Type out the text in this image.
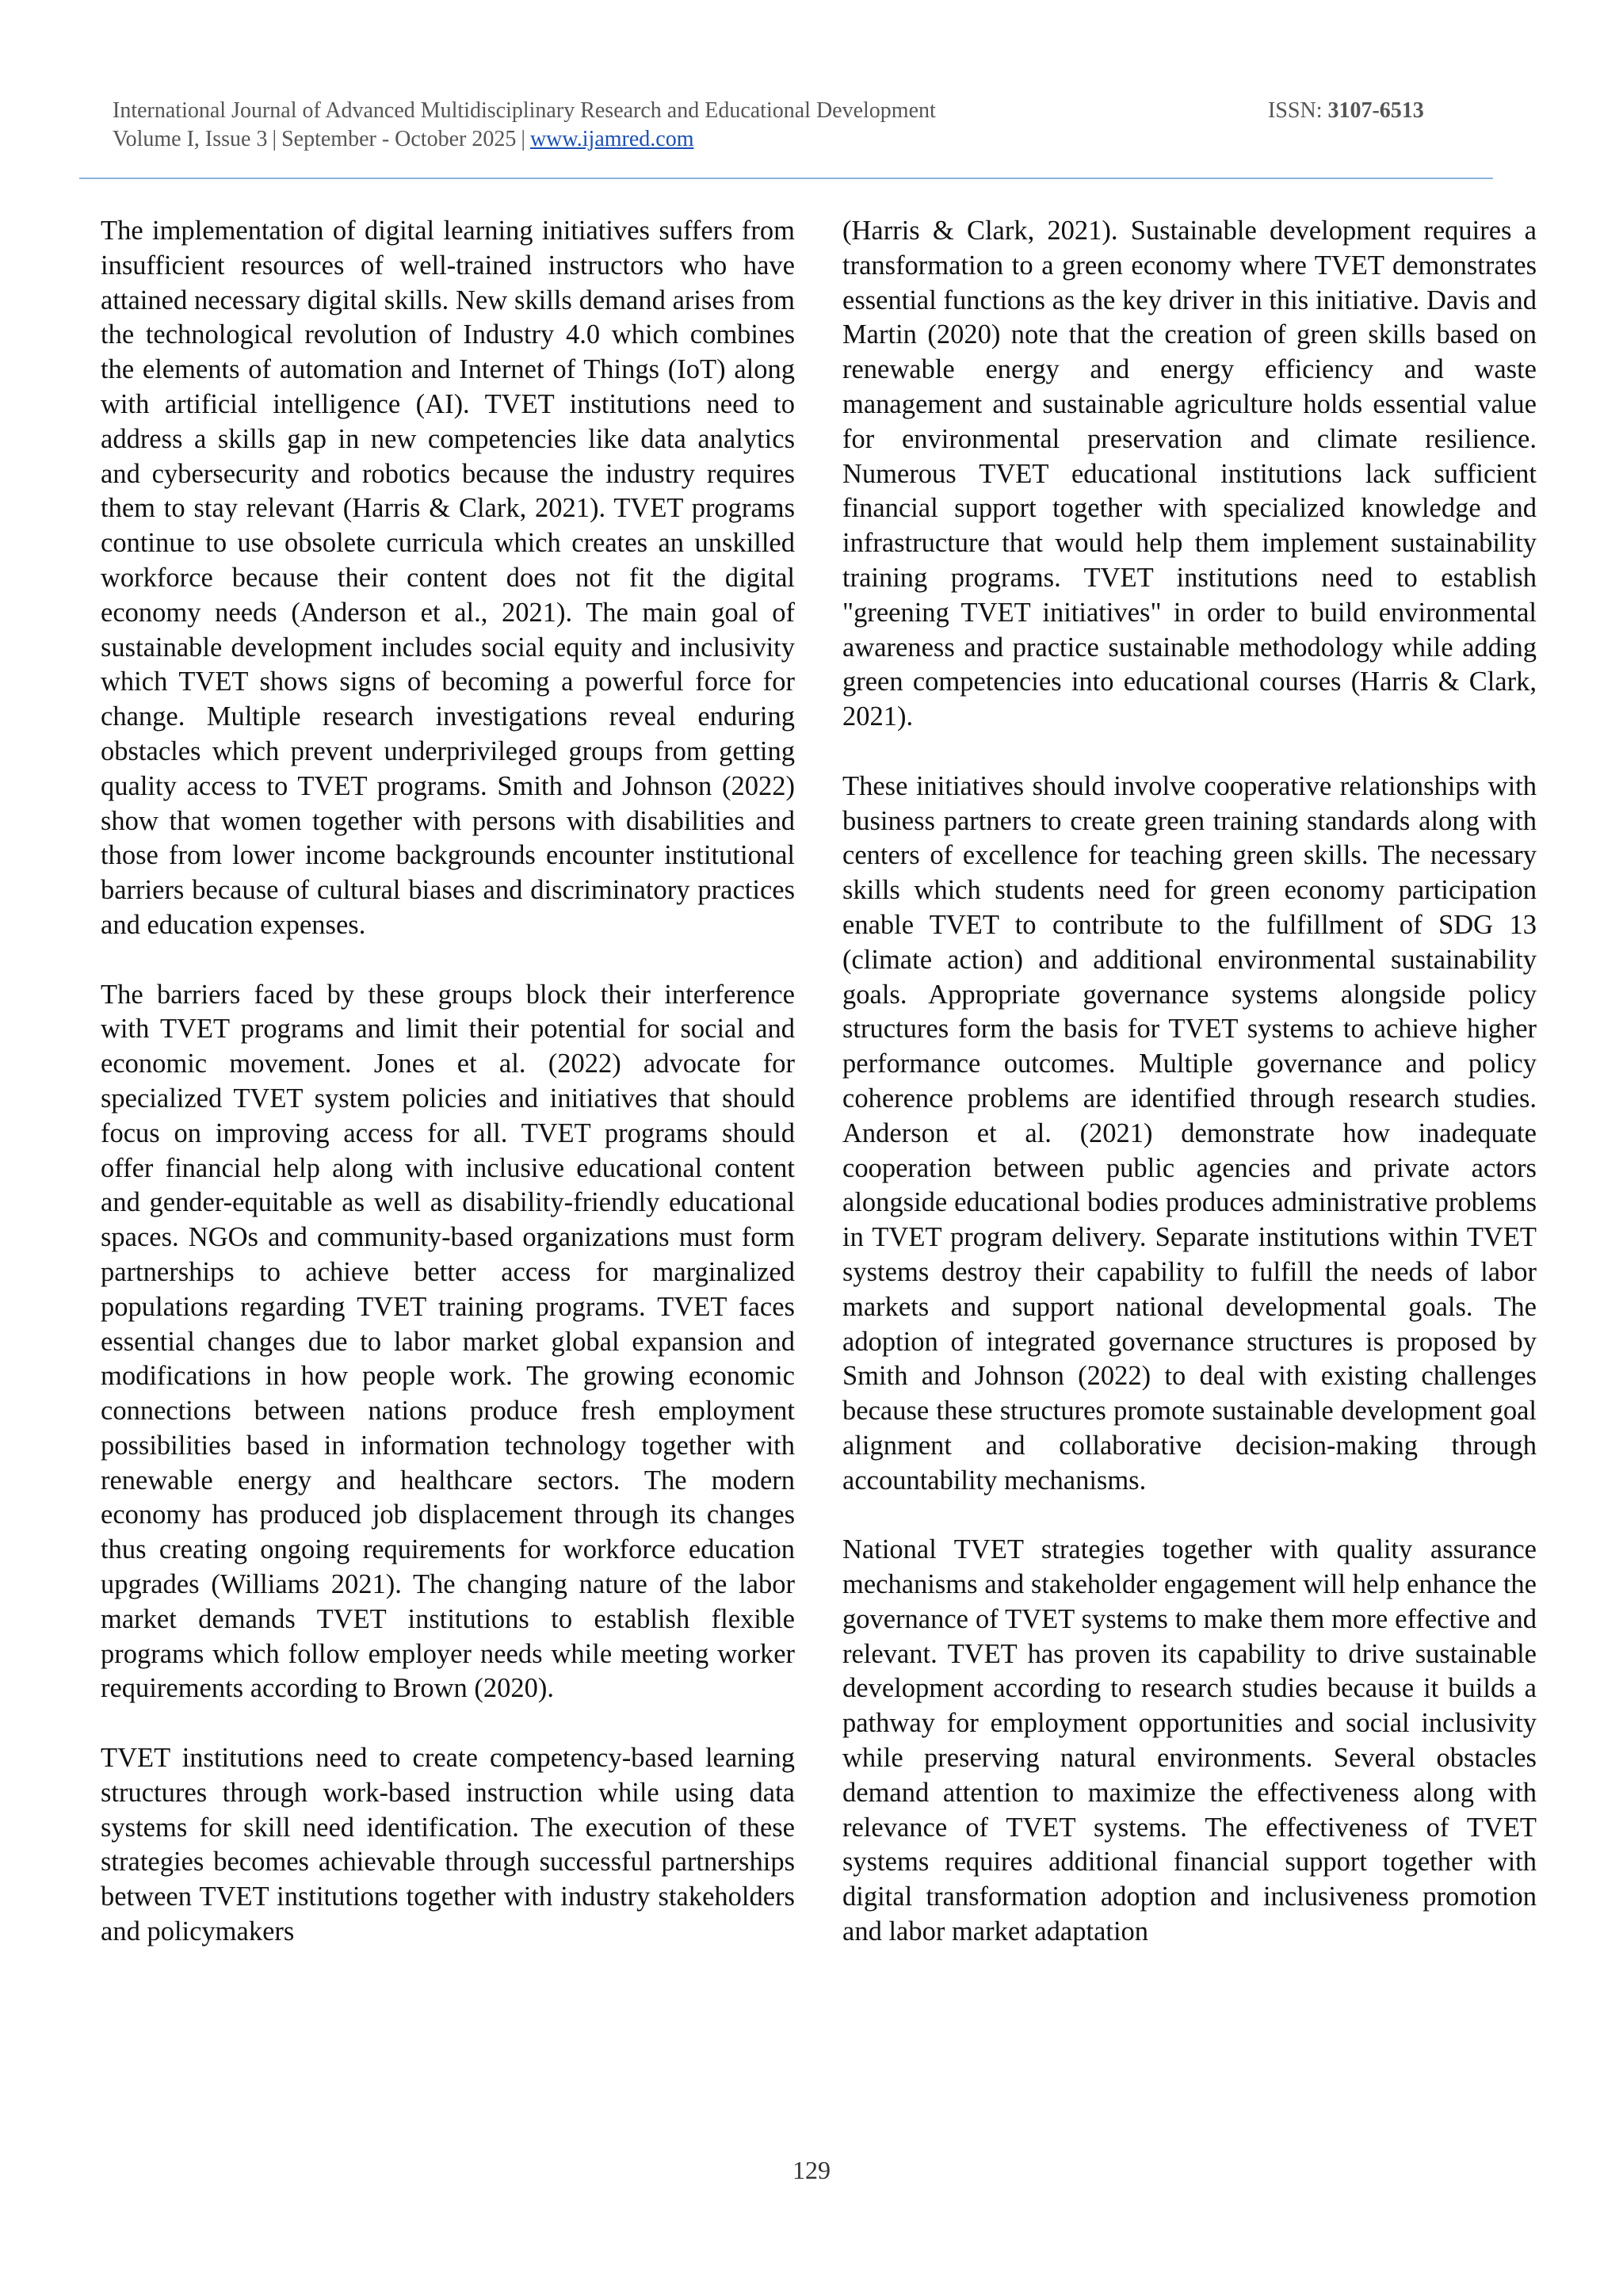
International Journal of Advanced Multidisciplinary Research and Educational Development	ISSN: 3107-6513
Volume I, Issue 3 | September - October 2025 | www.ijamred.com

The implementation of digital learning initiatives suffers from insufficient resources of well-trained instructors who have attained necessary digital skills. New skills demand arises from the technological revolution of Industry 4.0 which combines the elements of automation and Internet of Things (IoT) along with artificial intelligence (AI). TVET institutions need to address a skills gap in new competencies like data analytics and cybersecurity and robotics because the industry requires them to stay relevant (Harris & Clark, 2021). TVET programs continue to use obsolete curricula which creates an unskilled workforce because their content does not fit the digital economy needs (Anderson et al., 2021). The main goal of sustainable development includes social equity and inclusivity which TVET shows signs of becoming a powerful force for change. Multiple research investigations reveal enduring obstacles which prevent underprivileged groups from getting quality access to TVET programs. Smith and Johnson (2022) show that women together with persons with disabilities and those from lower income backgrounds encounter institutional barriers because of cultural biases and discriminatory practices and education expenses.

The barriers faced by these groups block their interference with TVET programs and limit their potential for social and economic movement. Jones et al. (2022) advocate for specialized TVET system policies and initiatives that should focus on improving access for all. TVET programs should offer financial help along with inclusive educational content and gender-equitable as well as disability-friendly educational spaces. NGOs and community-based organizations must form partnerships to achieve better access for marginalized populations regarding TVET training programs. TVET faces essential changes due to labor market global expansion and modifications in how people work. The growing economic connections between nations produce fresh employment possibilities based in information technology together with renewable energy and healthcare sectors. The modern economy has produced job displacement through its changes thus creating ongoing requirements for workforce education upgrades (Williams 2021). The changing nature of the labor market demands TVET institutions to establish flexible programs which follow employer needs while meeting worker requirements according to Brown (2020).

TVET institutions need to create competency-based learning structures through work-based instruction while using data systems for skill need identification. The execution of these strategies becomes achievable through successful partnerships between TVET institutions together with industry stakeholders and policymakers

(Harris & Clark, 2021). Sustainable development requires a transformation to a green economy where TVET demonstrates essential functions as the key driver in this initiative. Davis and Martin (2020) note that the creation of green skills based on renewable energy and energy efficiency and waste management and sustainable agriculture holds essential value for environmental preservation and climate resilience. Numerous TVET educational institutions lack sufficient financial support together with specialized knowledge and infrastructure that would help them implement sustainability training programs. TVET institutions need to establish "greening TVET initiatives" in order to build environmental awareness and practice sustainable methodology while adding green competencies into educational courses (Harris & Clark, 2021).

These initiatives should involve cooperative relationships with business partners to create green training standards along with centers of excellence for teaching green skills. The necessary skills which students need for green economy participation enable TVET to contribute to the fulfillment of SDG 13 (climate action) and additional environmental sustainability goals. Appropriate governance systems alongside policy structures form the basis for TVET systems to achieve higher performance outcomes. Multiple governance and policy coherence problems are identified through research studies. Anderson et al. (2021) demonstrate how inadequate cooperation between public agencies and private actors alongside educational bodies produces administrative problems in TVET program delivery. Separate institutions within TVET systems destroy their capability to fulfill the needs of labor markets and support national developmental goals. The adoption of integrated governance structures is proposed by Smith and Johnson (2022) to deal with existing challenges because these structures promote sustainable development goal alignment and collaborative decision-making through accountability mechanisms.

National TVET strategies together with quality assurance mechanisms and stakeholder engagement will help enhance the governance of TVET systems to make them more effective and relevant. TVET has proven its capability to drive sustainable development according to research studies because it builds a pathway for employment opportunities and social inclusivity while preserving natural environments. Several obstacles demand attention to maximize the effectiveness along with relevance of TVET systems. The effectiveness of TVET systems requires additional financial support together with digital transformation adoption and inclusiveness promotion and labor market adaptation

129
